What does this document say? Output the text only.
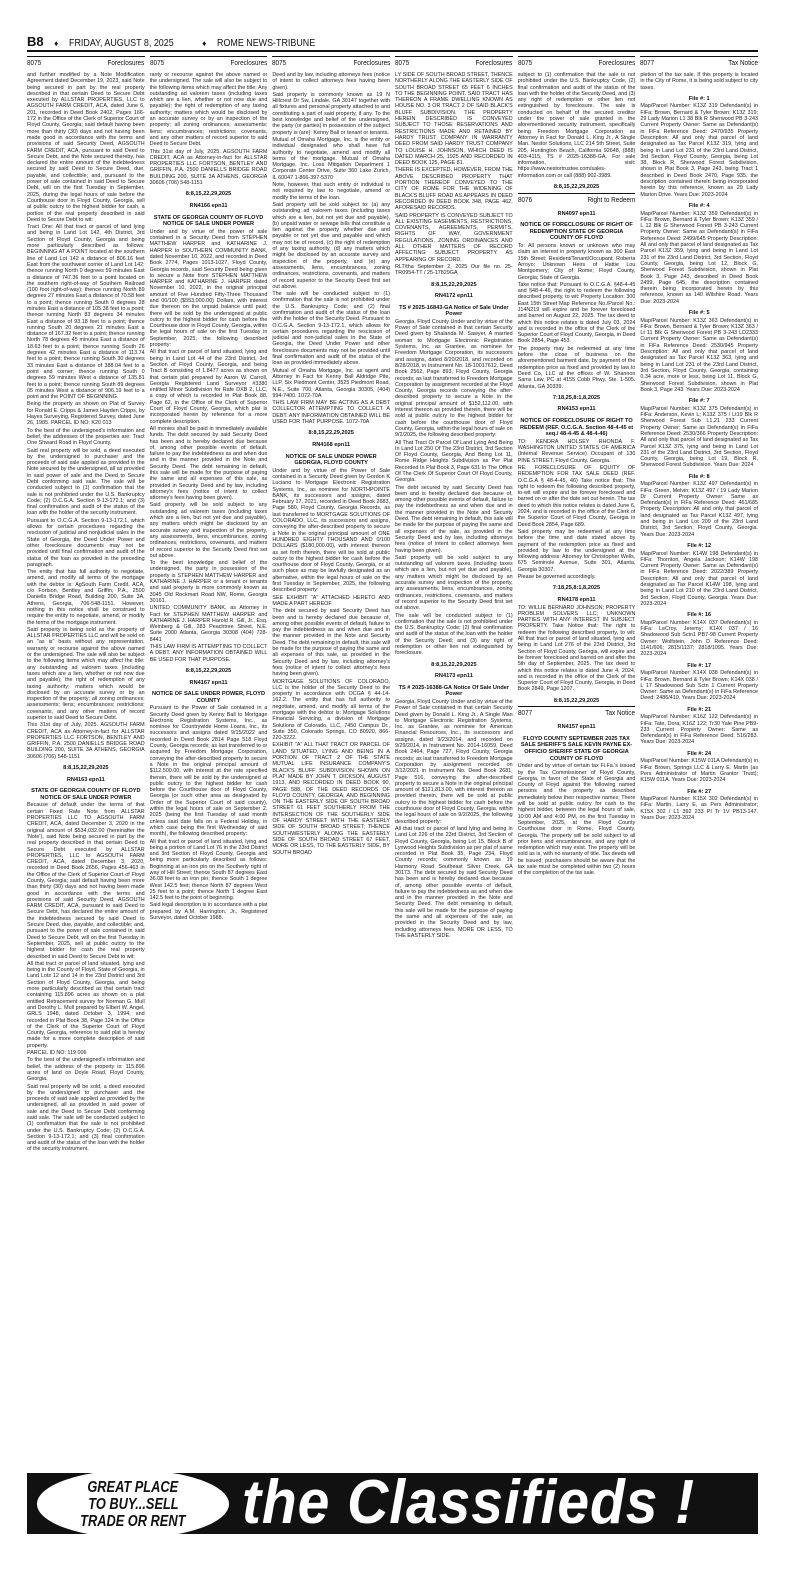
B8 ♦ FRIDAY, AUGUST 8, 2025	♦ ROME NEWS-TRIBUNE
8075	Foreclosures
and further modified by a Note Modification Agreement dated December 19, 2023, said Note being secured in part by the real property described in that certain Deed to Secure Debt executed by ALLSTAR PROPERTIES, LLC to AGSOUTH FARM CREDIT, ACA, dated June 6, 201, recorded in Deed Book 2402, Pages 166-172 in the Office of the Clerk of Superior Court of Floyd County, Georgia; said default having been more than thirty (30) days and not having been made good in accordance with the terms and provisions of said Security Deed, AGSOUTH FARM CREDIT, ACA, pursuant to said Deed to Secure Debt, and the Note secured thereby, has declared the entire amount of the indebtedness secured by said Deed to Secure Deed, due, payable, and collectible; and, pursuant to the power of sale contained in said Deed to Secure Debt, will on the first Tuesday in September, 2025, during the legal hours of sale before the Courthouse door in Floyd County, Georgia, sell at public outcry to the highest bidder for cash, a portion of the real property described in said Deed to Secure Debt to wit:
Tract One: All that tract or parcel of land lying and being in Land Lot 142, 4th District, 3rd Section of Floyd County, Georgia and being more particularly described as follows: BEGINNING AT A POINT located at the southern line of Land Lot 142 a distance of 806.16 feet East from the southwest corner of Land Lot 142; thence running North 0 degrees 59 minutes East a distance of 747.36 feet to a point located on the southern right-of-way of Southern Railroad (100 foot right-of-way); thence running North 89 degrees 27 minutes East a distance of 70.58 feet to a point; thence running South 0 degrees 28 minutes East a distance of 105.38 feet to a point; thence running North 83 degrees 34 minutes East a distance of 93.18 feet to a point; thence running South 20 degrees 21 minutes East a distance of 167.32 feet to a point; thence running North 78 degrees 45 minutes East a distance of 18.63 feet to a point; thence running South 26 degrees 42 minutes East a distance of 113.74 feet to a point; thence running South 30 degrees 33 minutes East a distance of 388.04 feet to a point and corner; thence running South 0 degrees 59 minutes West a distance of 135.81 feet to a point; thence running South 89 degrees 05 minutes West a distance of 906.19 feet to a point and the POINT OF BEGINNING.
Being the property as shown on Plat of Survey for Ronald E. Cripps & James Hayden Cripps, by Hayes Surveying, Registered Survey, dated June 26, 1985. PARCEL ID NO: K20 013
To the best of the undersigned's information and belief, the addresses of the properties are: Tract One Shward Road in Floyd County.
Said real property will be sold, a deed executed by the undersigned to purchaser and the proceeds of said sale applied as provided in the Note secured by the undersigned, all as provided in said power of sale and the Deed to Secure Debt conforming said sale. The sale will be conducted subject to (1) confirmation that the sale is not prohibited under the U.S. Bankruptcy Code; (2) O.C.G.A. Section 9-13-172.1; and (3) final confirmation and audit of the status of the loan with the holder of the security instrument.
Pursuant to O.C.G.A. Section 9-13-172.1, which allows for certain procedures regarding the rescission of judicial and nonjudicial sales in the State of Georgia, the Deed Under Power and other foreclosure documents may not be provided until final confirmation and audit of the status of the loan as provided in the preceding paragraph.
The entity that has full authority to negotiate, amend, and modify all terms of the mortgage with the debtor is: AgSouth Farm Credit, ACA, c/o Fortson, Bentley and Griffin, P.A., 2500 Daniells Bridge Road, Building 200, Suite 3A, Athens, Georgia, 706-548-1151. However, nothing in this notice shall be construed to require the entity to negotiate, amend, or modify the terms of the mortgage instrument.
Said property is being sold as the property of ALLSTAR PROPERTIES LLC and will be sold on an "as is" basis without any representation, warranty or recourse against the above named or the undersigned. The sale will also be subject to the following items which may affect the title: any outstanding ad valorem taxes (including taxes which are a lien, whether or not now due and payable); the right of redemption of any taxing authority; matters which would be disclosed by an accurate survey or by an inspection of the property; all zoning ordinances; assessments; liens; encumbrances; restrictions; covenants, and any other matters of record superior to said Deed to Secure Debt.
This 31st day of July, 2025. AGSOUTH FARM CREDIT, ACA as Attorney-in-fact for ALLSTAR PROPERTIES LLC FORTSON, BENTLEY AND GRIFFIN, P.A. 2500 DANIELLS BRIDGE ROAD BUILDING 200, SUITE 3A ATHENS, GEORGIA 30606 (706) 548-1151
8:8,15,22,29,2025
RN4163 epn11
STATE OF GEORGIA COUNTY OF FLOYD NOTICE OF SALE UNDER POWER
Because of default under the terms of that certain Fixed Rate Note from ALLSTAR PROPERTIES LLC TO AGSOUTH FARM CREDIT, ACA, dated December 3, 2020 in the original amount of $534,032.00 (hereinafter the 'Note'), said Note being secured in part by the real property described in that certain Deed to Secure Debt executed by ALLSTAR PROPERTIES, LLC to AGSOUTH FARM CREDIT, ACA, dated December 3, 2020, recorded in Deed Book 2656, Pages 456-463 in the Office of the Clerk of Superior Court of Floyd County, Georgia; said default having been more than thirty (30) days and not having been made good in accordance with the terms and provisions of said Security Deed, AGSOUTH FARM CREDIT, ACA, pursuant to said Deed to Secure Debt, has declared the entire amount of the indebtedness secured by said Deed to Secure Deed, due, payable, and collectible; and, pursuant to the power of sale contained in said Deed to Secure Debt, will on the first Tuesday in September, 2025, sell at public outcry to the highest bidder for cash the real property described in said Deed to Secure Debt to wit:
All that tract or parcel of land situated, lying and being in the County of Floyd, State of Georgia, in Land Lots 12 and 14 in the 23rd District and 3rd Section of Floyd County, Georgia, and being more particularly described as that certain tract containing 115.896 acres as shown on a plat entitled Retracement survey for Norman G. Mull and Dorothy L. Mull prepared by Elbert W. Angel, GRLS 1948, dated October 3, 1994, and recorded in Plat Book 38, Page 124 in the Office of the Clerk of the Superior Court of Floyd County, Georgia, reference to said plat is hereby made for a more complete description of said property.
PARCEL ID NO: 119 006
To the best of the undersigned's information and belief, the address of the property is: 115.896 acres of land on Doyle Road, Floyd County, Georgia.
Said real property will be sold, a deed executed by the undersigned to purchaser and the proceeds of said sale applied as provided by the undersigned, all as provided in said power of sale and the Deed to Secure Debt conforming said sale. The sale will be conducted subject to (1) confirmation that the sale is not prohibited under the U.S. Bankruptcy Code; (2) O.C.G.A. Section 9-13-172.1; and (3) final confirmation and audit of the status of the loan with the holder of the security instrument.
8075	Foreclosures
ranty or recourse against the above named or the undersigned. The sale will also be subject to the following items which may affect the title: Any outstanding ad valorem taxes (including taxes which are a lien, whether or not now due and payable); the right of redemption of any taxing authority; matters which would be disclosed by an accurate survey or by an inspection of the property; all zoning ordinances; assessments; liens; encumbrances; restrictions; covenants, and any other matters of record superior to said Deed to Secure Debt.
This 31st day of July, 2025. AGSOUTH FARM CREDIT, ACA as Attorney-in-fact for ALLSTAR PROPERTIES LLC FORTSON, BENTLEY AND GRIFFIN, P.A. 2500 DANIELLS BRIDGE ROAD BUILDING 200, SUITE 3A ATHENS, GEORGIA 30606 (706) 548-1151
8:8,15,22,29,2025
RN4166 epn11
STATE OF GEORGIA COUNTY OF FLOYD NOTICE OF SALE UNDER POWER
Under and by virtue of the power of sale contained in a Security Deed from STEPHEN MATTHEW HARPER and KATHARINE J. HARPER to SOUTHERN COMMUNITY BANK, dated November 10, 2022, and recorded in Deed Book 2774, Pages 1013-1027, Floyd County, Georgia records, said Security Deed being given to secure a Note from STEPHEN MATTHEW HARPER and KATHARINE J. HARPER dated November 10, 2022, in the original principal amount of Five Hundred Fifty-Three Thousand and 00/100 ($553,000.00) Dollars, with interest due thereon on the unpaid balance until paid; there will be sold by the undersigned at public outcry to the highest bidder for cash before the Courthouse door in Floyd County, Georgia, within the legal hours of sale on the first Tuesday in September, 2025, the following described property:
All that tract or parcel of land situated, lying and being in Land Lot 44 of the 23rd District, 3rd Section of Floyd County, Georgia, and being Tract B consisting of 1.8477 acres as shown on that certain plat prepared by Aaron W. Carroll, Georgia Registered Land Surveyor #3380 entitled Minor Subdivision for Rafe DXB 2, LLC, a copy of which is recorded in Plat Book 88, Page 62, in the Office of the Clerk of Superior Court of Floyd County, Georgia, which plat is incorporated herein by reference for a more complete description.
All monies shall be paid in immediately available funds. The debt secured by said Security Deed has been and is hereby declared due because of, among other possible events of default, failure to pay the indebtedness as and when due and in the manner provided in the Note and Security Deed. The debt remaining in default, this sale will be made for the purpose of paying the same and all expenses of this sale, as provided in Security Deed and by law, including attorney's fees (notice of intent to collect attorney's fees having been given).
Said property will be sold subject to any outstanding ad valorem taxes (including taxes which are a lien, but not yet due and payable), any matters which might be disclosed by an accurate survey and inspection of the property, any assessments, liens, encumbrances, zoning ordinances, restrictions, covenants, and matters of record superior to the Security Deed first set out above.
To the best knowledge and belief of the undersigned, the party in possession of the property is STEPHEN MATTHEW HARPER and KATHARINE J. HARPER or a tenant or tenants and said property is more commonly known as 3045 Old Rockmart Road NW, Rome, Georgia 30161.
UNITED COMMUNITY BANK, as Attorney in Fact for STEPHEN MATTHEW HARPER and KATHARINE J. HARPER Harold R. Gill, Jr., Esq. Weinberg & Gill, 283 Peachtree Street, N.E. Suite 2000 Atlanta, Georgia 30308 (404) 728-8441
THIS LAW FIRM IS ATTEMPTING TO COLLECT A DEBT. ANY INFORMATION OBTAINED WILL BE USED FOR THAT PURPOSE.
8:8,15,22,29,2025
RN4167 epn11
NOTICE OF SALE UNDER POWER, FLOYD COUNTY
Pursuant to the Power of Sale contained in a Security Deed given by Kenny Ball to Mortgage Electronic Registration Systems, Inc., as nominee for Countrywide Home Loans, Inc., its successors and assigns dated 9/15/2022 and recorded in Deed Book 2814 Page 518 Floyd County, Georgia records; as last transferred to or acquired by Freedom Mortgage Corporation, conveying the after-described property to secure a Note in the original principal amount of $112,500.00, with interest at the rate specified therein, there will be sold by the undersigned at public outcry to the highest bidder for cash before the Courthouse door of Floyd County, Georgia (or such other area as designated by Order of the Superior Court of said county), within the legal hours of sale on September 2, 2025 (being the first Tuesday of said month unless said date falls on a Federal Holiday, in which case being the first Wednesday of said month), the following described property:
All that tract or parcel of land situated, lying and being a portion of Land Lot 76 in the 23rd District and 3rd Section of Floyd County, Georgia and being more particularly described as follows: Beginning at an iron pin on the Southerly right of way of Hill Street; thence South 87 degrees East 36.08 feet to an iron pin; thence South 1 degree West 142.5 feet; thence North 87 degrees West 25 feet to a point; thence North 1 degree East 142.5 feet to the point of beginning.
Said legal description is in accordance with a plat prepared by A.M. Harrington, Jr., Registered Surveyor, dated October 1988.
8075	Foreclosures
Deed and by law, including attorneys fees (notice of intent to collect attorneys fees having been given).
Said property is commonly known as 19 N Hillcrest Dr Sw, Lindale, GA 30147 together with all fixtures and personal property attached to and constituting a part of said property, if any. To the best knowledge and belief of the undersigned, the party (or parties) in possession of the subject property is (are): Kenny Ball or tenant or tenants.
Mutual of Omaha Mortgage, Inc. is the entity or individual designated who shall have full authority to negotiate, amend and modify all terms of the mortgage. Mutual of Omaha Mortgage, Inc. Loss Mitigation Department 1 Corporate Center Drive, Suite 360 Lake Zurich, IL 60047 1-866-397-5370
Note, however, that such entity or individual is not required by law to negotiate, amend or modify the terms of the loan.
Said property will be sold subject to: (a) any outstanding ad valorem taxes (including taxes which are a lien, but not yet due and payable), (b) unpaid water or sewage bills that constitute a lien against the property whether due and payable or not yet due and payable and which may not be of record, (c) the right of redemption of any taxing authority, (d) any matters which might be disclosed by an accurate survey and inspection of the property, and (e) any assessments, liens, encumbrances, zoning ordinances, restrictions, covenants, and matters of record superior to the Security Deed first set out above.
The sale will be conducted subject to (1) confirmation that the sale is not prohibited under the U.S. Bankruptcy Code; and (2) final confirmation and audit of the status of the loan with the holder of the Security Deed. Pursuant to O.C.G.A. Section 9-13-172.1, which allows for certain procedures regarding the rescission of judicial and non-judicial sales in the State of Georgia, the Deed Under Power and other foreclosure documents may not be provided until final confirmation and audit of the status of the loan as provided immediately above.
Mutual of Omaha Mortgage, Inc. as agent and Attorney in Fact for Kenny Ball Aldridge Pite, LLP, Six Piedmont Center, 3525 Piedmont Road, N.E., Suite 700, Atlanta, Georgia 30305, (404) 994-7400. 1072-70A
THIS LAW FIRM MAY BE ACTING AS A DEBT COLLECTOR ATTEMPTING TO COLLECT A DEBT. ANY INFORMATION OBTAINED WILL BE USED FOR THAT PURPOSE. 1072-70A
8:8,15,22,29,2025
RN4168 epn11
NOTICE OF SALE UNDER POWER GEORGIA, FLOYD COUNTY
Under and by virtue of the Power of Sale contained in a Security Deed given by Gordon K Luciano to Mortgage Electronic Registration Systems, Inc., as nominee for NORTHPOINTE BANK, its successors and assigns, dated February 17, 2021, recorded in Deed Book 2683, Page 580, Floyd County, Georgia Records, as last transferred to MORTGAGE SOLUTIONS OF COLORADO, LLC, its successors and assigns, conveying the after-described property to secure a Note in the original principal amount of ONE HUNDRED EIGHTY THOUSAND AND 0/100 DOLLARS ($180,000.00), with interest thereon as set forth therein, there will be sold at public outcry to the highest bidder for cash before the courthouse door of Floyd County, Georgia, or at such place as may be lawfully designated as an alternative, within the legal hours of sale on the first Tuesday in September, 2025, the following described property:
SEE EXHIBIT "A" ATTACHED HERETO AND MADE A PART HEREOF
The debt secured by said Security Deed has been and is hereby declared due because of, among other possible events of default, failure to pay the indebtedness as and when due and in the manner provided in the Note and Security Deed. The debt remaining in default, this sale will be made for the purpose of paying the same and all expenses of this sale, as provided in the Security Deed and by law, including attorney's fees (notice of intent to collect attorney's fees having been given).
MORTGAGE SOLUTIONS OF COLORADO, LLC is the holder of the Security Deed to the property in accordance with OCGA § 44-14-162.2. The entity that has full authority to negotiate, amend, and modify all terms of the mortgage with the debtor is: Mortgage Solutions Financial Servicing, a division of Mortgage Solutions of Colorado, LLC, 7450 Campus Dr., Suite 350, Colorado Springs, CO 80920, 866-220-3222.
EXHIBIT "A" ALL THAT TRACT OR PARCEL OF LAND SITUATED, LYING AND BEING IN A PORTION OF TRACT 2 OF THE STATE MUTUAL LIFE INSURANCE COMPANY'S BLACK'S BLUFF SUBDIVISION SHOWN ON PLAT MADE BY JOHN T. DICKSON, AUGUST 1913, AND RECORDED IN DEED BOOK 90, PAGE 588, OF THE DEED RECORDS OF FLOYD COUNTY, GEORGIA, AND BEGINNING ON THE EASTERLY SIDE OF SOUTH BROAD STREET 61 FEET SOUTHERLY FROM THE INTERSECTION OF THE SOUTHERLY SIDE OF HARDY STREET WITH THE EASTERLY SIDE OF SOUTH BROAD STREET; THENCE SOUTHWESTERLY ALONG THE EASTERLY SIDE OF SOUTH BROAD STREET 67 FEET, MORE OR LESS, TO THE EASTERLY SIDE, BY SOUTH BROAD
8075	Foreclosures
LY SIDE OF SOUTH BROAD STREET, THENCE NORTHERLY ALONG THE EASTERLY SIDE OF SOUTH BROAD STREET 65 FEET 6 INCHES TO THE BEGINNING POINT. SAID TRACT HAS THEREON A FRAME DWELLING KNOWN AS HOUSE NO. 3 OR TRACT 2 OF SAID BLACK'S BLUFF SUBDIVISION. THE PROPERTY HEREIN DESCRIBED IS CONVEYED SUBJECT TO THOSE RESERVATIONS AND RESTRICTIONS MADE AND RETAINED BY HARDY TRUST COMPANY IN WARRANTY DEED FROM SAID HARDY TRUST COMPANY TO LOUISE H. JOHNSON, WHICH DEED IS DATED MARCH 25, 1925 AND RECORDED IN DEED BOOK 125, PAGE 81.
THERE IS EXCEPTED, HOWEVER, FROM THE ABOVE DESCRIBED PROPERTY THAT PORTION THEREOF CONVEYED TO THE CITY OF ROME FOR THE WIDENING OF BLACK'S BLUFF ROAD AS APPEARS IN DEED RECORDED IN DEED BOOK 348, PAGE 462, AFORESAID RECORDS.
SAID PROPERTY IS CONVEYED SUBJECT TO ALL EXISTING EASEMENTS, RESTRICTIONS, COVENANTS, AGREEMENTS, PERMITS, RIGHTS OF WAY, GOVERNMENT REGULATIONS, ZONING ORDINANCES AND ALL OTHER MATTERS OF RECORD AFFECTING SUBJECT PROPERTY AS APPEARING OF RECORD.
RLT/tha September 2, 2025 Our file no. 25-TR0954-TT / 25-17829GA
8:8,15,22,29,2025
RN4172 epn11
TS # 2025-16843-GA Notice of Sale Under Power
Georgia, Floyd County Under and by virtue of the Power of Sale contained in that certain Security Deed given by Shalanda M. Sawyer, A married woman to Mortgage Electronic Registration Systems, Inc. as Grantee, as nominee for Freedom Mortgage Corporation, its successors and assigns, dated 8/20/2018, and recorded on 8/28/2018, in Instrument No. 18-10017612, Deed Book 2562, Page 893, Floyd County, Georgia records; as last transferred to Freedom Mortgage Corporation by assignment recorded at the Floyd County, Georgia records conveying the after-described property to secure a Note in the original principal amount of $152,112.00, with interest thereon as provided therein, there will be sold at public outcry to the highest bidder for cash before the courthouse door of Floyd County, Georgia, within the legal hours of sale on 9/2/2025, the following described property:
All That Tract Or Parcel Of Land Lying And Being In Land Lot 250 Of The 23rd District, 3rd Section Of Floyd County, Georgia, And Being Lot 11, Rome Ridge Heights Subdivision as Per Plat Recorded In Plat Book 3, Page 631 In The Office Of The Clerk Of Superior Court Of Floyd County, Georgia.
The debt secured by said Security Deed has been and is hereby declared due because of, among other possible events of default, failure to pay the indebtedness as and when due and in the manner provided in the Note and Security Deed. The debt remaining in default, this sale will be made for the purpose of paying the same and all expenses of the sale, as provided in the Security Deed and by law, including attorneys fees (notice of intent to collect attorneys fees having been given).
Said property will be sold subject to any outstanding ad valorem taxes (including taxes which are a lien, but not yet due and payable), any matters which might be disclosed by an accurate survey and inspection of the property, any assessments, liens, encumbrances, zoning ordinances, restrictions, covenants, and matters of record superior to the Security Deed first set out above.
The sale will be conducted subject to (1) confirmation that the sale is not prohibited under the U.S. Bankruptcy Code; (2) final confirmation and audit of the status of the loan with the holder of the Security Deed; and (3) any right of redemption or other lien not extinguished by foreclosure.
8:8,15,22,29,2025
RN4173 epn11
TS # 2025-16388-GA Notice Of Sale Under Power
Georgia, Floyd County Under and by virtue of the Power of Sale contained in that certain Security Deed given by Donald L. King Jr., A Single Man to Mortgage Electronic Registration Systems, Inc. as Grantee, as nominee for American Financial Resources, Inc., its successors and assigns, dated 9/23/2014, and recorded on 9/29/2014, in Instrument No. 2014-16059, Deed Book 2464, Page 727, Floyd County, Georgia records; as last transferred to Freedom Mortgage Corporation by assignment recorded on 3/12/2021 in Instrument No. Deed Book 2681, Page 516, conveying the after-described property to secure a Note in the original principal amount of $121,813.00, with interest thereon as provided therein, there will be sold at public outcry to the highest bidder for cash before the courthouse door of Floyd County, Georgia, within the legal hours of sale on 9/2/2025, the following described property:
All that tract or parcel of land lying and being in Land Lot 226 of the 23rd District, 3rd Section of Floyd County, Georgia, being Lot 15, Block B of Lynwood Heights Subdivision as per plat of same recorded in Plat Book 35, Page 234, Floyd County records; commonly known as 19 Harmony Road Southeast Silver Creek, GA 30173. The debt secured by said Security Deed has been and is hereby declared due because of, among other possible events of default, failure to pay the indebtedness as and when due and in the manner provided in the Note and Security Deed. The debt remaining in default, this sale will be made for the purpose of paying the same and all expenses of the sale, as provided in the Security Deed and by law, including attorneys fees. MORE OR LESS, TO THE EASTERLY SIDE.
8075	Foreclosures
subject to (1) confirmation that the sale is not prohibited under the U.S. Bankruptcy Code, (2) final confirmation and audit of the status of the loan with the holder of the Security Deed, and (3) any right of redemption or other lien not extinguished by foreclosure. The sale is conducted on behalf of the secured creditor under the power of sale granted in the aforementioned security instrument, specifically being Freedom Mortgage Corporation as Attorney in Fact for Donald L. King Jr., A Single Man. Nestor Solutions, LLC 214 5th Street, Suite 205, Huntington Beach, California 92648, (888) 403-4115, TS # 2025-16388-GA. For sale information, visit: https://www.nestortrustee.com/sales-information.com or call (888) 902-3989.
8:8,15,22,29,2025
8076	Right to Redeem
RN4097 epn11
NOTICE OF FORECLOSURE OF RIGHT OF REDEMPTION STATE OF GEORGIA COUNTY OF FLOYD
To: All persons known or unknown who may claim an interest in property known as 300 East 15th Street; Resident/Tenant/Occupant; Roberta Arroyo; Unknown Heirs of Hattie Lou Montgomery; City of Rome; Floyd County, Georgia; State of Georgia.
Take notice that: Pursuant to O.C.G.A. §48-4-45 and §48-4-46, the right to redeem the following described property, to wit: Property Location: 300 East 15th Street Map Reference No./Parcel No.: J14N219 will expire and be forever foreclosed and barred on August 22, 2025. The tax deed to which this notice relates is dated July 03, 2024 and is recorded in the office of the Clerk of the Superior Court of Floyd County, Georgia, in Deed Book 2854, Page 453.
The property may be redeemed at any time before the close of business on the aforementioned barment date, by payment of the redemption price as fixed and provided by law to Deed Co, LLC at the offices of W. Shannon Sams Law, PC at 4155 Cobb Pkwy, Ste. 1-505, Atlanta, GA 30339.
7:18,25,8:1,8,2025
RN4153 epn11
NOTICE OF FORECLOSURE OF RIGHT TO REDEEM (REF. O.C.G.A. Section 48-4-45 et seq./ 48-4-45 & 48-4-46)
TO: KENDRA HOLSEY RHONDA F. WASHINGTON UNITED STATES OF AMERICA (Internal Revenue Service) Occupant of 130 PINE STREET, Floyd County, Georgia.
RE: FORECLOSURE OF EQUITY OF REDEMPTION FOR TAX SALE DEED (REF. O.C.G.A § 48-4-45, 46) Take notice that: The right to redeem the following described property, to-wit will expire and be forever foreclosed and barred on or after the date set out herein. The tax deed to which this notice relates is dated June 6, 2024, and is recorded in the office of the Clerk of the Superior Court of Floyd County, Georgia in Deed Book 2854, Page 689.
Said property may be redeemed at any time before the time and date stated above by payment of the redemption price as fixed and provided by law to the undersigned at the following address: Attorney for Christopher Wells, 675 Seminole Avenue, Suite 301, Atlanta, Georgia 30307.
Please be governed accordingly.
7:18,25,8:1,8,2025
RN4178 epn11
TO: WILLIE BERNARD JOHNSON; PROPERTY PROBLEM SOLVERS LLC; UNKNOWN PARTIES WITH ANY INTEREST IN SUBJECT PROPERTY. Take Notice that: The right to redeem the following described property, to wit: All that tract or parcel of land situated, lying and being in Land Lot 276 of the 23rd District, 3rd Section of Floyd County, Georgia, will expire and be forever foreclosed and barred on and after the 5th day of September, 2025. The tax deed to which this notice relates is dated June 4, 2024, and is recorded in the office of the Clerk of the Superior Court of Floyd County, Georgia, in Deed Book 2849, Page 1207.
8:8,15,22,29,2025
8077	Tax Notice
RN4157 epn11
FLOYD COUNTY SEPTEMBER 2025 TAX SALE SHERIFF'S SALE KEVIN PAYNE EX-OFFICIO SHERIFF STATE OF GEORGIA COUNTY OF FLOYD
Under and by virtue of certain tax Fi.Fa.'s issued by the Tax Commissioner of Floyd County, Georgia, in favor of the State of Georgia and County of Floyd against the following named persons and the property as described immediately below their respective names; There will be sold at public outcry for cash to the highest bidder, between the legal hours of sale, 10:00 AM and 4:00 PM, on the first Tuesday in September, 2025, at the Floyd County Courthouse door in Rome, Floyd County, Georgia. The property will be sold subject to all prior liens and encumbrances, and any right of redemption which may exist. The property will be sold as is, with no warranty of title. Tax deeds will be issued; purchasers should be aware that the tax sale must be completed within two (2) hours of the completion of the tax sale.
8077	Tax Notice
pletion of the tax sale. If this property is located in the City of Rome, it is being sold subject to city taxes.
File #: 1
Map/Parcel Number: K13Z 319 Defendant(s) in FiFa: Brown, Bernard & Tyler Brown; K13Z 319; 29 Lady Marion L1 38 Blk R Sherwood PB 3-243 Current Property Owner: Same as Defendant(s) in FiFa Reference Deed: 2470/935 Property Description: All and only that parcel of land designated as Tax Parcel K13Z 319, lying and being in Land Lot 231 of the 23rd Land District, 3rd Section, Floyd County, Georgia, being Lot 38, Block R, Sherwood Forest Subdivision, shown in Plat Book 3, Page 243, being Tract 1 described in Deed Book 2470, Page 935, the description contained therein being incorporated herein by this reference, known as 29 Lady Marion Drive. Years Due: 2023-2024
File #: 4
Map/Parcel Number: K13Z 359 Defendant(s) in FiFa: Brown, Bernard & Tyler Brown; K13Z 359 / L 12 Blk G Sherwood Forest PB 3-243 Current Property Owner: Same as Defendant(s) in FiFa Reference Deed: 2499/645 Property Description: All and only that parcel of land designated as Tax Parcel K13Z 359, lying and being in Land Lot 231 of the 23rd Land District, 3rd Section, Floyd County, Georgia, being Lot 12, Block G, Sherwood Forest Subdivision, shown in Plat Book 3, Page 243, described in Deed Book 2499, Page 645, the description contained therein being incorporated herein by this reference, known as 140 Wilshire Road. Years Due: 2023-2024
File #: 5
Map/Parcel Number: K13Z 363 Defendant(s) in FiFa: Brown, Bernard & Tyler Brown; K13Z 363 / Lt 11 Blk G Sherwood Forest PB 3-243 LD2333 Current Property Owner: Same as Defendant(s) in FiFa Reference Deed: 2530/945 Property Description: All and only that parcel of land designated as Tax Parcel K13Z 363, lying and being in Land Lot 231 of the 23rd Land District, 3rd Section, Floyd County, Georgia, containing 0.34 acre, more or less, being Lot 11, Block G, Sherwood Forest Subdivision, shown in Plat Book 3, Page 243. Years Due: 2023-2024
File #: 7
Map/Parcel Number: K13Z 375 Defendant(s) in FiFa: Anderson, Kevin L; K13Z 375 / Lt19 Blk R Sherwood Forest Sub L1,21 233 Current Property Owner: Same as Defendant(s) in FiFa Reference Deed: 2530/366 Property Description: All and only that parcel of land designated as Tax Parcel K13Z 375, lying and being in Land Lot 231 of the 23rd Land District, 3rd Section, Floyd County, Georgia, being Lot 19, Block R, Sherwood Forest Subdivision. Years Due: 2024
File #: 8
Map/Parcel Number: K13Z 497 Defendant(s) in FiFa: Green, Melvin; K13Z 497 / 19 Lady Marion Dr Current Property Owner: Same as Defendant(s) in FiFa Reference Deed: 461/685 Property Description: All and only that parcel of land designated as Tax Parcel K13Z 497, lying and being in Land Lot 209 of the 23rd Land District, 3rd Section, Floyd County, Georgia. Years Due: 2023-2024
File #: 12
Map/Parcel Number: K14W 198 Defendant(s) in FiFa: Thornton, Angela Jackson; K14W 198 Current Property Owner: Same as Defendant(s) in FiFa Reference Deed: 2022/389 Property Description: All and only that parcel of land designated as Tax Parcel K14W 198, lying and being in Land Lot 210 of the 23rd Land District, 3rd Section, Floyd County, Georgia. Years Due: 2023-2024
File #: 16
Map/Parcel Number: K14X 037 Defendant(s) in FiFa: LeCroy, Jeremy; K14X 037 / 16 Shadowood Sub Sctn1 PB7-98 Current Property Owner: Wolfstein, John D Reference Deed: 1141/606; 2815/1137; 2818/1095. Years Due: 2023-2024
File #: 17
Map/Parcel Number: K14X 038 Defendant(s) in FiFa: Brown, Bernard & Tyler Brown; K14X 038 / L 17 Shadowood Sub Sctn 1 Current Property Owner: Same as Defendant(s) in FiFa Reference Deed: 2486/410. Years Due: 2023-2024
File #: 21
Map/Parcel Number: K16Z 122 Defendant(s) in FiFa: Tate, Dora; K16Z 122; Tr30 Yale Pine PB9-233 Current Property Owner: Same as Defendant(s) in FiFa Reference Deed: 516/283. Years Due: 2023-2024
File #: 24
Map/Parcel Number: K15W 011A Defendant(s) in FiFa: Brown, Springs LLC & Larry E. Martin (as Pers Administrator of Martin Grantor Trust); K15W 011A. Years Due: 2023-2024
File #: 27
Map/Parcel Number: K15X 302 Defendant(s) in FiFa: Martin, Larry E, as Pers Administrator; K15X 302 / L1 392 233 PI Tr 1V PB13-147. Years Due: 2023-2024
GREAT PLACE
TO BUY...SELL
TRADE OR RENT the Classifieds !
